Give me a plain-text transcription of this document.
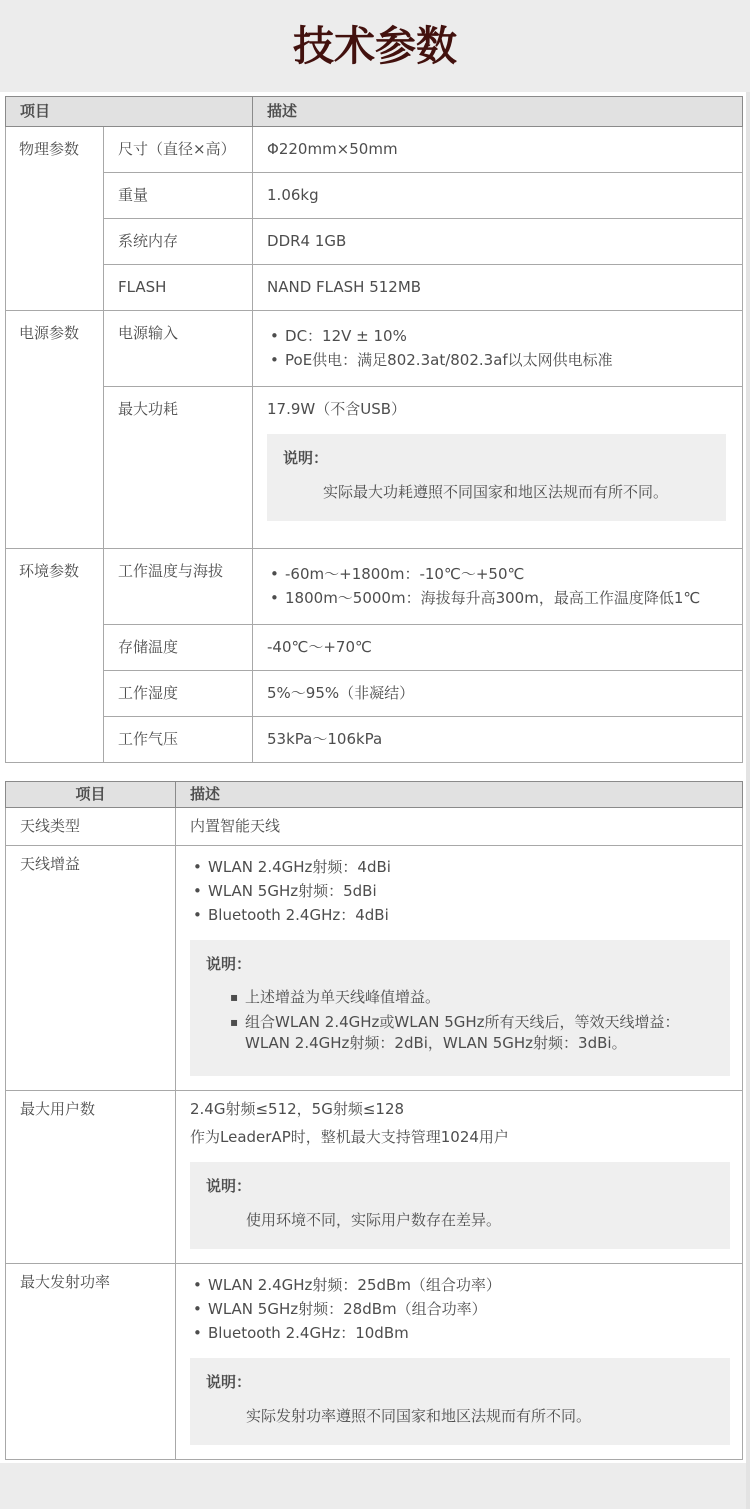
技术参数
项目		描述
物理参数	尺寸（直径×高）	Φ220mm×50mm

	重量	1.06kg

	系统内存	DDR4 1GB

	FLASH	NAND FLASH 512MB

电源参数	电源输入	
•DC：12V ± 10%
• PoE供电：满足802.3at/802.3af以太网供电标准

	最大功耗	17.9W（不含USB）
说明：
实际最大功耗遵照不同国家和地区法规而有所不同。

环境参数	工作温度与海拔	
•-60m～+1800m：-10℃～+50℃
• 1800m～5000m：海拔每升高300m，最高工作温度降低1℃

	存储温度	-40℃～+70℃

	工作湿度	5%～95%（非凝结）

	工作气压	53kPa～106kPa
项目	描述
天线类型	内置智能天线

天线增益	
•WLAN 2.4GHz射频：4dBi
• WLAN 5GHz射频：5dBi
• Bluetooth 2.4GHz：4dBi
说明：
▪ 上述增益为单天线峰值增益。
▪ 组合WLAN 2.4GHz或WLAN 5GHz所有天线后，等效天线增益：WLAN 2.4GHz射频：2dBi，WLAN 5GHz射频：3dBi。

最大用户数	2.4G射频≤512，5G射频≤128
作为LeaderAP时，整机最大支持管理1024用户
说明：
使用环境不同，实际用户数存在差异。

最大发射功率	
•WLAN 2.4GHz射频：25dBm（组合功率）
• WLAN 5GHz射频：28dBm（组合功率）
• Bluetooth 2.4GHz：10dBm
说明：
实际发射功率遵照不同国家和地区法规而有所不同。
